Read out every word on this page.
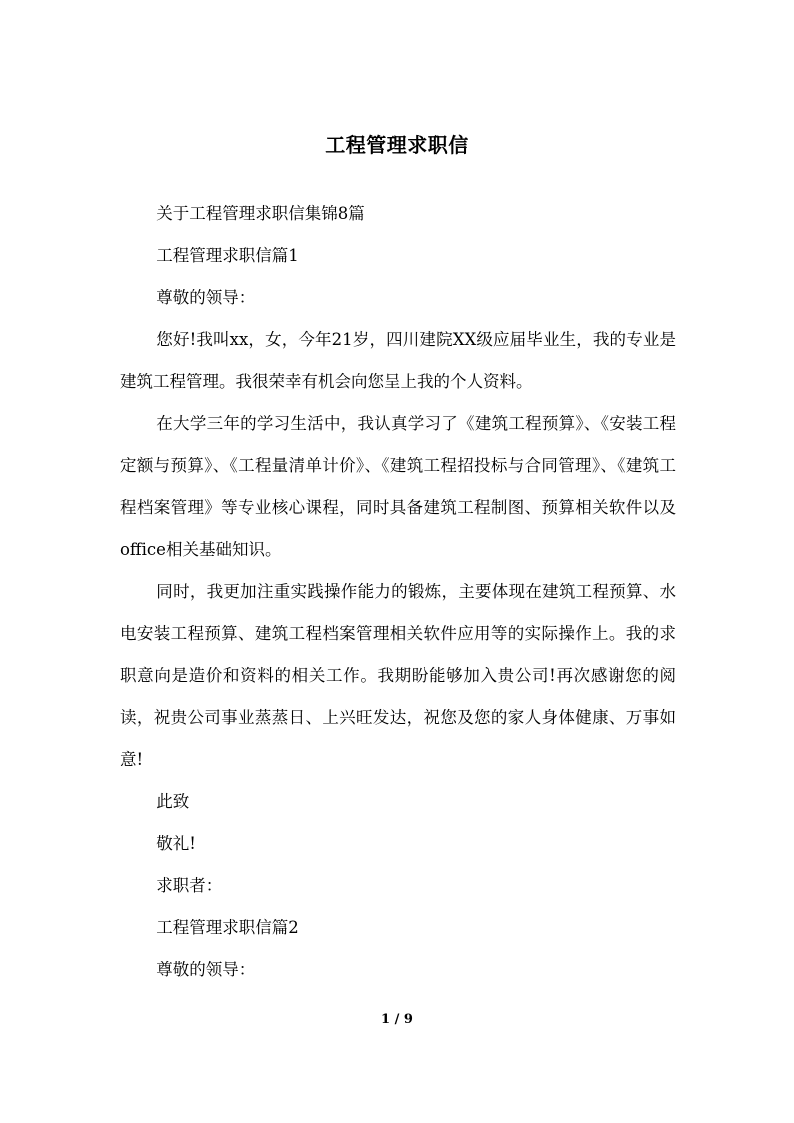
工程管理求职信

关于工程管理求职信集锦8篇

工程管理求职信篇1

尊敬的领导：

您好!我叫xx，女，今年21岁，四川建院XX级应届毕业生，我的专业是建筑工程管理。我很荣幸有机会向您呈上我的个人资料。

在大学三年的学习生活中，我认真学习了《建筑工程预算》、《安装工程定额与预算》、《工程量清单计价》、《建筑工程招投标与合同管理》、《建筑工程档案管理》等专业核心课程，同时具备建筑工程制图、预算相关软件以及office相关基础知识。

同时，我更加注重实践操作能力的锻炼，主要体现在建筑工程预算、水电安装工程预算、建筑工程档案管理相关软件应用等的实际操作上。我的求职意向是造价和资料的相关工作。我期盼能够加入贵公司!再次感谢您的阅读，祝贵公司事业蒸蒸日、上兴旺发达，祝您及您的家人身体健康、万事如意!

此致

敬礼!

求职者：

工程管理求职信篇2

尊敬的领导：

1 / 9
